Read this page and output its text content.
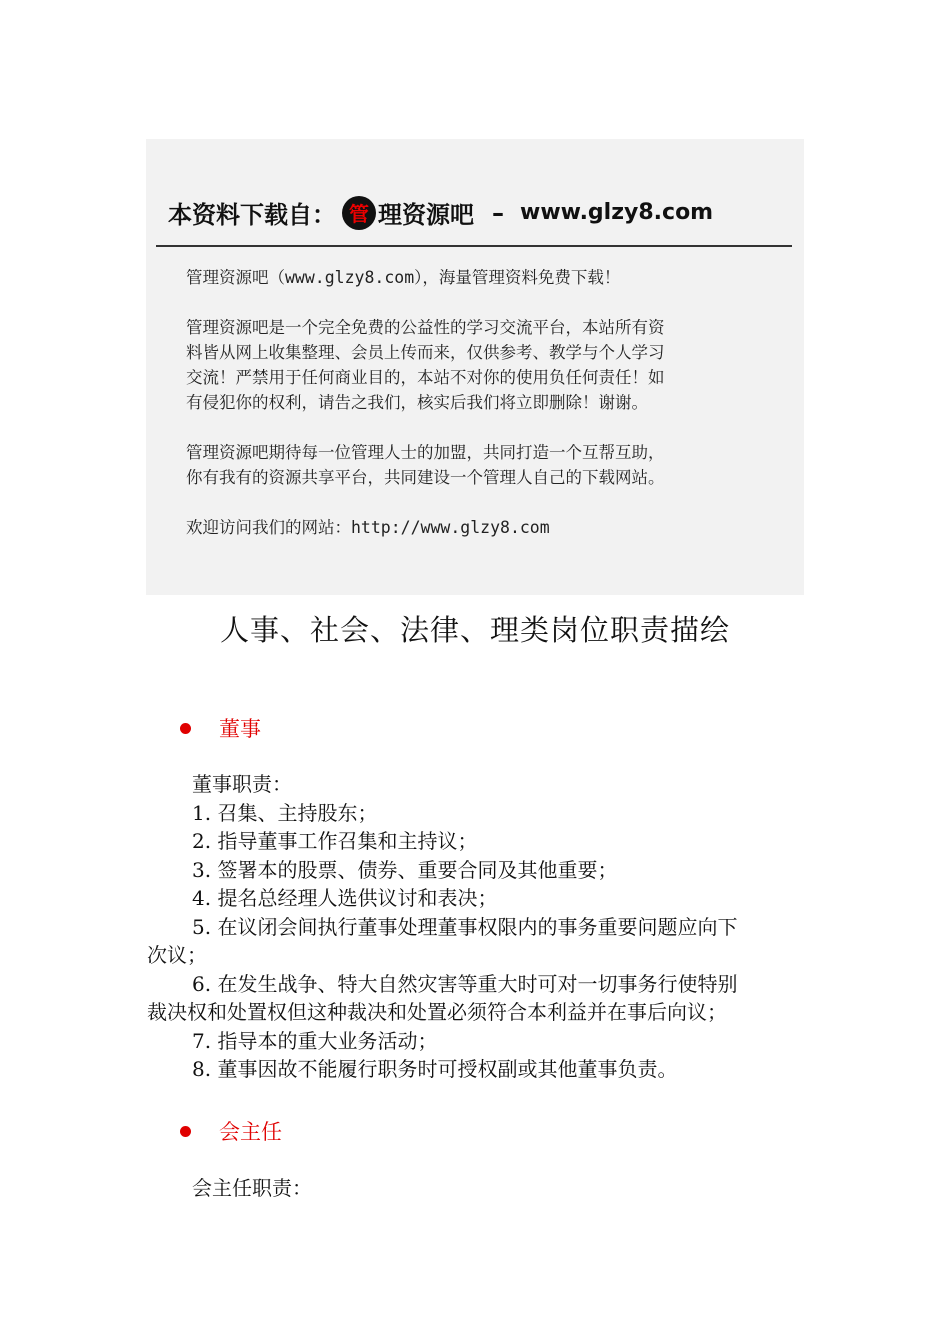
本资料下载自： 管 理资源吧 – www.glzy8.com

管理资源吧（www.glzy8.com），海量管理资料免费下载！

管理资源吧是一个完全免费的公益性的学习交流平台，本站所有资
料皆从网上收集整理、会员上传而来，仅供参考、教学与个人学习
交流！严禁用于任何商业目的，本站不对你的使用负任何责任！如
有侵犯你的权利，请告之我们，核实后我们将立即删除！谢谢。

管理资源吧期待每一位管理人士的加盟，共同打造一个互帮互助，
你有我有的资源共享平台，共同建设一个管理人自己的下载网站。

欢迎访问我们的网站：http://www.glzy8.com

人事、社会、法律、理类岗位职责描绘
董事
董事职责：
1. 召集、主持股东；
2. 指导董事工作召集和主持议；
3. 签署本的股票、债券、重要合同及其他重要；
4. 提名总经理人选供议讨和表决；
5. 在议闭会间执行董事处理董事权限内的事务重要问题应向下
次议；
6. 在发生战争、特大自然灾害等重大时可对一切事务行使特别
裁决权和处置权但这种裁决和处置必须符合本利益并在事后向议；
7. 指导本的重大业务活动；
8. 董事因故不能履行职务时可授权副或其他董事负责。
会主任
会主任职责：
